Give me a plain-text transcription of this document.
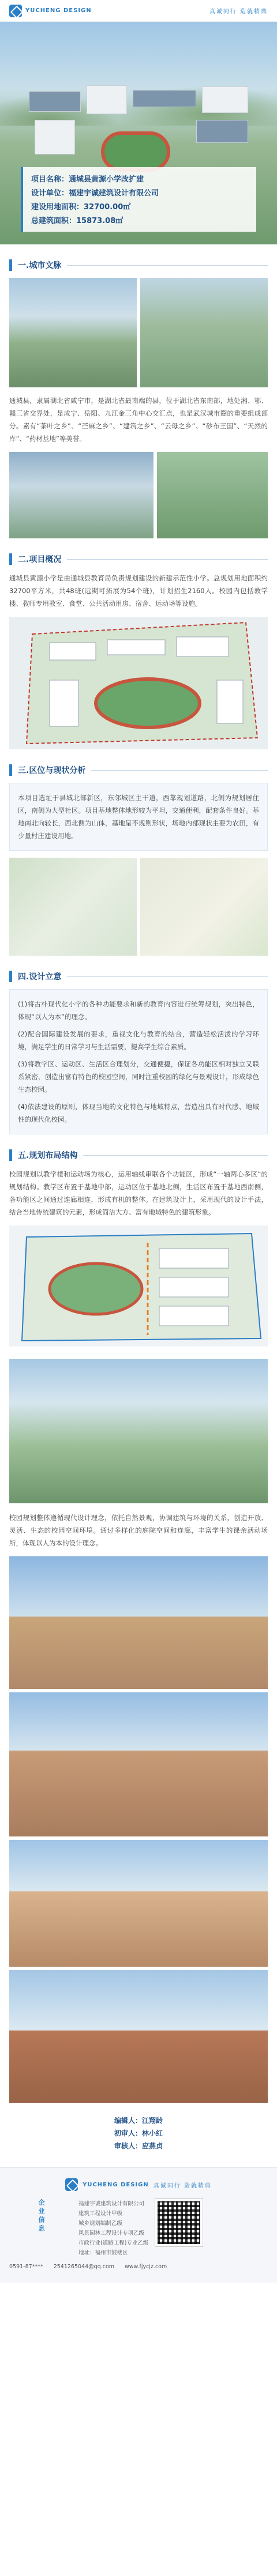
YUCHENG DESIGN	真诚同行 造就精典
项目名称：通城县黄源小学改扩建
设计单位：福建宇诚建筑设计有限公司
建设用地面积：32700.00㎡
总建筑面积：15873.08㎡
一.城市文脉

通城县，隶属湖北省咸宁市，是湖北省最南端的县，位于湖北省东南部，地处湘、鄂、赣三省交界处，是成宁、岳阳、九江金三角中心交汇点，也是武汉城市圈的重要组成部分。素有“茶叶之乡”、“苎麻之乡”、“建筑之乡”、“云母之乡”、“砂布王国”、“天然的库”、“药材基地”等美誉。

二.项目概况

通城县黄源小学是由通城县教育局负责规划建设的新建示范性小学。总规划用地面积约32700平方米，共48班(远期可拓展为54个班)，计划招生2160人。校园内包括教学楼、教师专用教室、食堂、公共活动用房、宿舍、运动场等设施。

三.区位与现状分析

本项目选址于县城北部新区，东邻城区主干道，西靠规划道路，北侧为规划居住区，南侧为大型社区。项目基地整体地形较为平坦，交通便利，配套条件良好。基地南北向较长，西北侧为山体，基地呈不规则形状，场地内部现状主要为农田，有少量村庄建设用地。

四.设计立意

(1)将古朴现代化小学的各种功能要求和新的教育内容进行统筹规划，突出特色，体现“以人为本”的理念。

(2)配合国际建设发展的要求，重视文化与教育的结合，营造轻松活泼的学习环境，满足学生的日常学习与生活需要，提高学生综合素质。

(3)将教学区、运动区、生活区合理划分，交通便捷，保证各功能区相对独立又联系紧密，创造出富有特色的校园空间，同时注重校园的绿化与景观设计，形成绿色生态校园。

(4)依法建设的原则，体现当地的文化特色与地域特点，营造出具有时代感、地域性的现代化校园。

五.规划布局结构

校园规划以教学楼和运动场为核心，运用轴线串联各个功能区，形成“一轴两心多区”的规划结构。教学区布置于基地中部，运动区位于基地北侧，生活区布置于基地西南侧，各功能区之间通过连廊相连，形成有机的整体。在建筑设计上，采用现代的设计手法，结合当地传统建筑的元素，形成简洁大方、富有地域特色的建筑形象。

校园规划整体遵循现代设计理念，依托自然景观，协调建筑与环境的关系，创造开放、灵活、生态的校园空间环境。通过多样化的庭院空间和连廊，丰富学生的课余活动场所，体现以人为本的设计理念。

编辑人：江翔龄
初审人：林小红
审核人：应燕贞
YUCHENG DESIGN 真诚同行 造就精典
企业信息	福建宇诚建筑设计有限公司
建筑工程设计甲级
城乡规划编制乙级
风景园林工程设计专项乙级
市政行业(道路工程)专业乙级
地址：福州市鼓楼区
0591-87**** 2541265044@qq.com www.fjycjz.com
